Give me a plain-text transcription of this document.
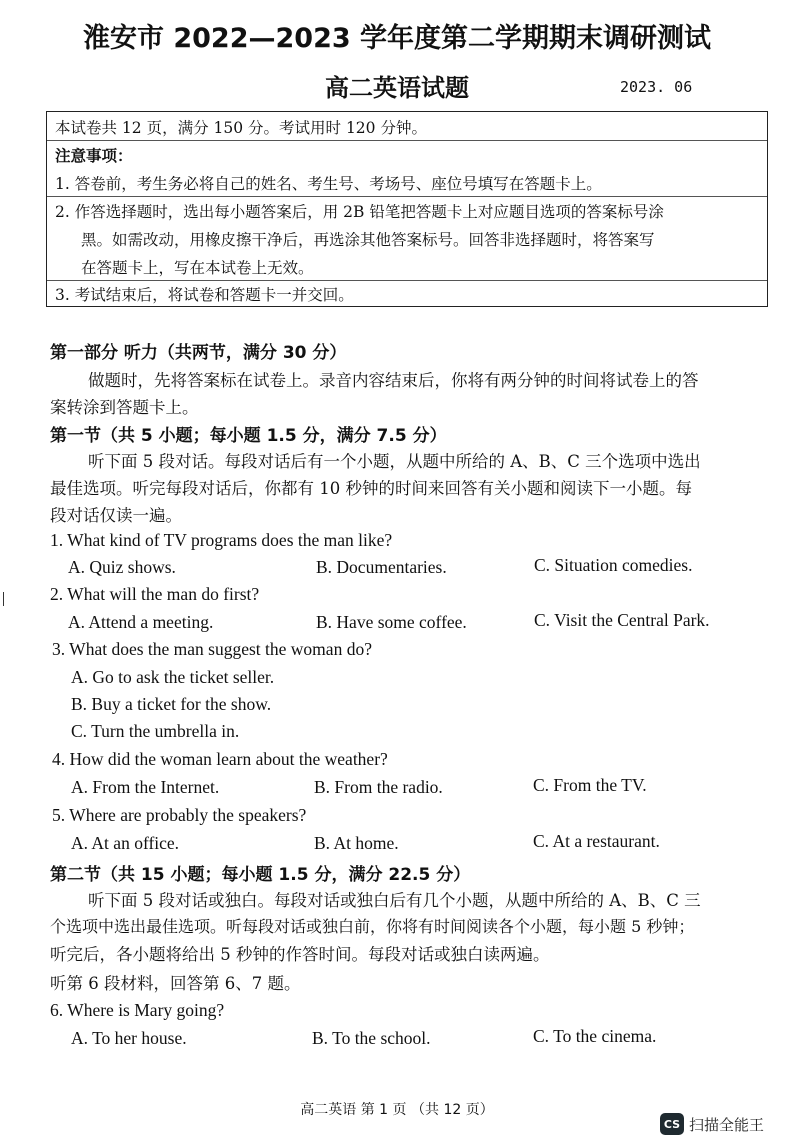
淮安市 2022—2023 学年度第二学期期末调研测试
高二英语试题	2023. 06
本试卷共 12 页，满分 150 分。考试用时 120 分钟。
注意事项：
1. 答卷前，考生务必将自己的姓名、考生号、考场号、座位号填写在答题卡上。
2. 作答选择题时，选出每小题答案后，用 2B 铅笔把答题卡上对应题目选项的答案标号涂
黑。如需改动，用橡皮擦干净后，再选涂其他答案标号。回答非选择题时，将答案写
在答题卡上，写在本试卷上无效。
3. 考试结束后，将试卷和答题卡一并交回。
第一部分 听力（共两节，满分 30 分）
做题时，先将答案标在试卷上。录音内容结束后，你将有两分钟的时间将试卷上的答
案转涂到答题卡上。
第一节（共 5 小题；每小题 1.5 分，满分 7.5 分）
听下面 5 段对话。每段对话后有一个小题，从题中所给的 A、B、C 三个选项中选出
最佳选项。听完每段对话后，你都有 10 秒钟的时间来回答有关小题和阅读下一小题。每
段对话仅读一遍。
1. What kind of TV programs does the man like?
A. Quiz shows.	B. Documentaries.	C. Situation comedies.
2. What will the man do first?
A. Attend a meeting.	B. Have some coffee.	C. Visit the Central Park.
3. What does the man suggest the woman do?
A. Go to ask the ticket seller.
B. Buy a ticket for the show.
C. Turn the umbrella in.
4. How did the woman learn about the weather?
A. From the Internet.	B. From the radio.	C. From the TV.
5. Where are probably the speakers?
A. At an office.	B. At home.	C. At a restaurant.
第二节（共 15 小题；每小题 1.5 分，满分 22.5 分）
听下面 5 段对话或独白。每段对话或独白后有几个小题，从题中所给的 A、B、C 三
个选项中选出最佳选项。听每段对话或独白前，你将有时间阅读各个小题，每小题 5 秒钟；
听完后，各小题将给出 5 秒钟的作答时间。每段对话或独白读两遍。
听第 6 段材料，回答第 6、7 题。
6. Where is Mary going?
A. To her house.	B. To the school.	C. To the cinema.
高二英语 第 1 页 （共 12 页）
CS 扫描全能王
